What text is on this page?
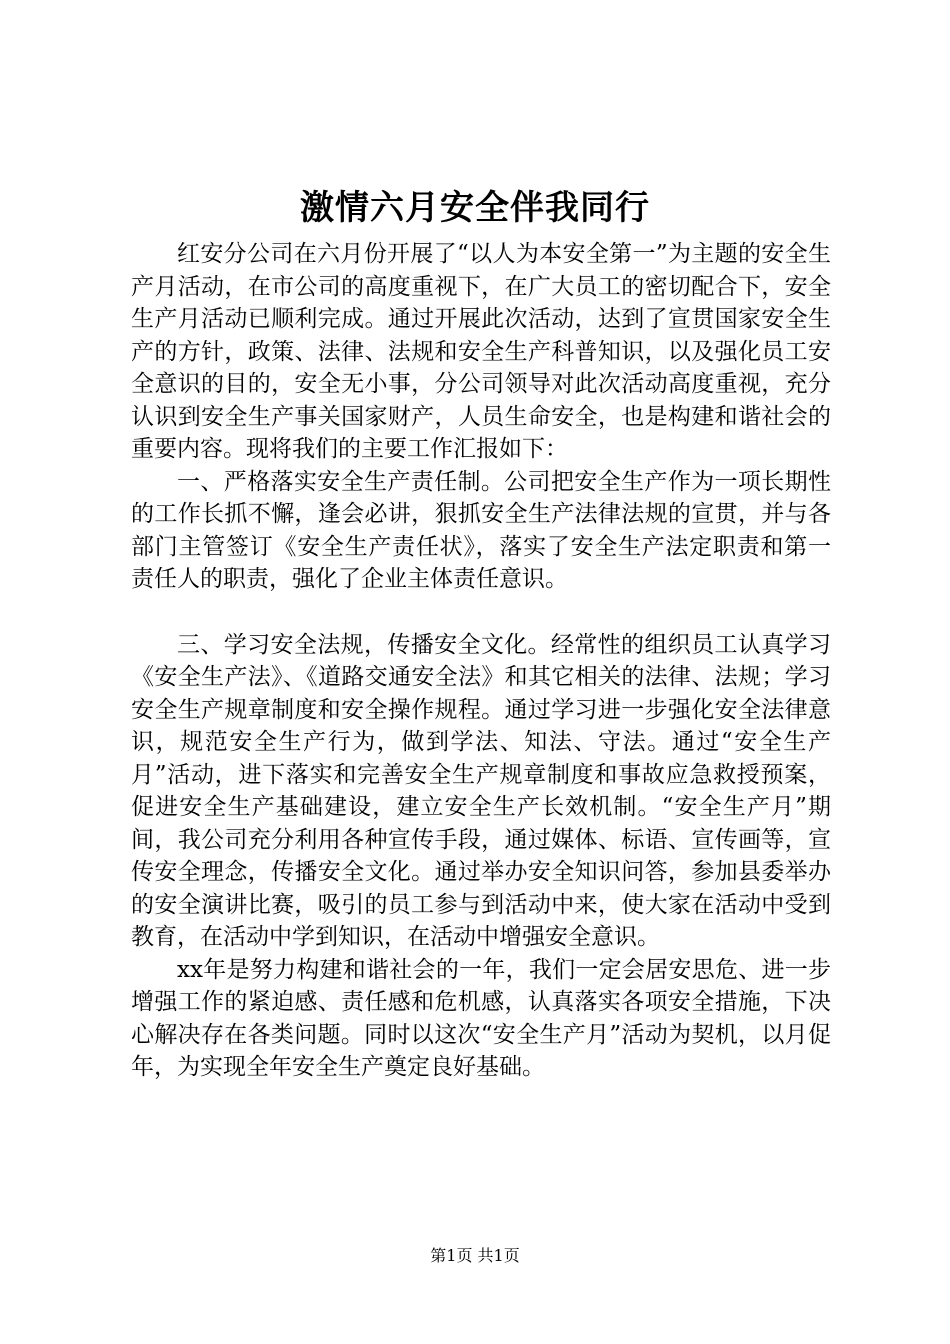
激情六月安全伴我同行

红安分公司在六月份开展了“以人为本安全第一”为主题的安全生产月活动，在市公司的高度重视下，在广大员工的密切配合下，安全生产月活动已顺利完成。通过开展此次活动，达到了宣贯国家安全生产的方针，政策、法律、法规和安全生产科普知识，以及强化员工安全意识的目的，安全无小事，分公司领导对此次活动高度重视，充分认识到安全生产事关国家财产，人员生命安全，也是构建和谐社会的重要内容。现将我们的主要工作汇报如下：

一、严格落实安全生产责任制。公司把安全生产作为一项长期性的工作长抓不懈，逢会必讲，狠抓安全生产法律法规的宣贯，并与各部门主管签订《安全生产责任状》，落实了安全生产法定职责和第一责任人的职责，强化了企业主体责任意识。

三、学习安全法规，传播安全文化。经常性的组织员工认真学习《安全生产法》、《道路交通安全法》和其它相关的法律、法规；学习安全生产规章制度和安全操作规程。通过学习进一步强化安全法律意识，规范安全生产行为，做到学法、知法、守法。通过“安全生产月”活动，进下落实和完善安全生产规章制度和事故应急救授预案，促进安全生产基础建设，建立安全生产长效机制。“安全生产月”期间，我公司充分利用各种宣传手段，通过媒体、标语、宣传画等，宣传安全理念，传播安全文化。通过举办安全知识问答，参加县委举办的安全演讲比赛，吸引的员工参与到活动中来，使大家在活动中受到教育，在活动中学到知识，在活动中增强安全意识。

xx年是努力构建和谐社会的一年，我们一定会居安思危、进一步增强工作的紧迫感、责任感和危机感，认真落实各项安全措施，下决心解决存在各类问题。同时以这次“安全生产月”活动为契机，以月促年，为实现全年安全生产奠定良好基础。

第1页 共1页
